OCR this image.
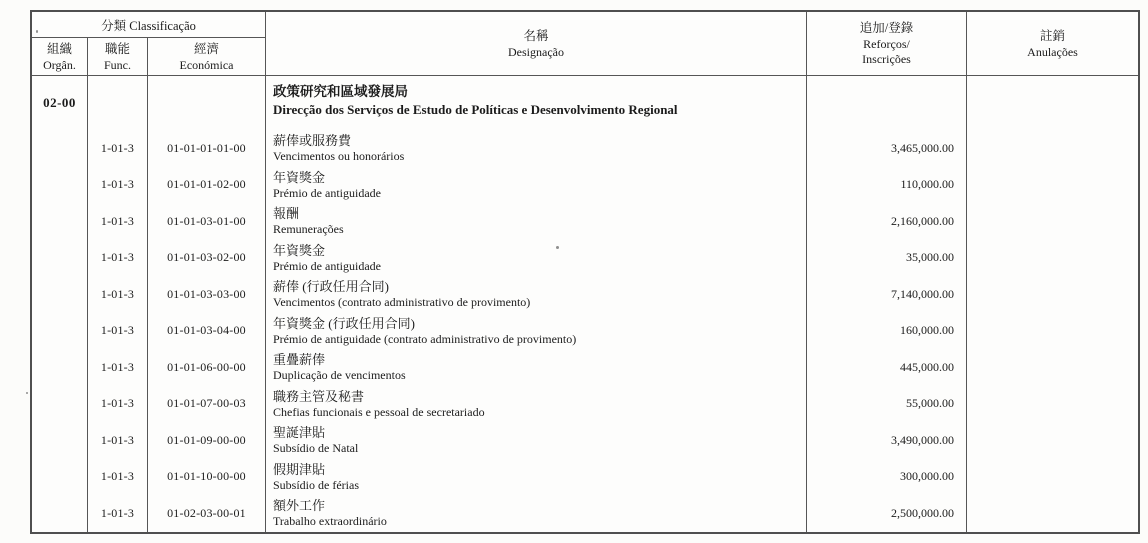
分類 Classificação
組織
Orgân.
職能
Func.
經濟
Económica
名稱
Designação
追加/登錄
Reforços/
Inscrições
註銷
Anulações
02-00
1-01-3
1-01-3
1-01-3
1-01-3
1-01-3
1-01-3
1-01-3
1-01-3
1-01-3
1-01-3
1-01-3
01-01-01-01-00
01-01-01-02-00
01-01-03-01-00
01-01-03-02-00
01-01-03-03-00
01-01-03-04-00
01-01-06-00-00
01-01-07-00-03
01-01-09-00-00
01-01-10-00-00
01-02-03-00-01
政策研究和區域發展局
Direcção dos Serviços de Estudo de Políticas e Desenvolvimento Regional
薪俸或服務費
Vencimentos ou honorários
年資獎金
Prémio de antiguidade
報酬
Remunerações
年資獎金
Prémio de antiguidade
薪俸 (行政任用合同)
Vencimentos (contrato administrativo de provimento)
年資獎金 (行政任用合同)
Prémio de antiguidade (contrato administrativo de provimento)
重疊薪俸
Duplicação de vencimentos
職務主管及秘書
Chefias funcionais e pessoal de secretariado
聖誕津貼
Subsídio de Natal
假期津貼
Subsídio de férias
額外工作
Trabalho extraordinário
3,465,000.00
110,000.00
2,160,000.00
35,000.00
7,140,000.00
160,000.00
445,000.00
55,000.00
3,490,000.00
300,000.00
2,500,000.00
